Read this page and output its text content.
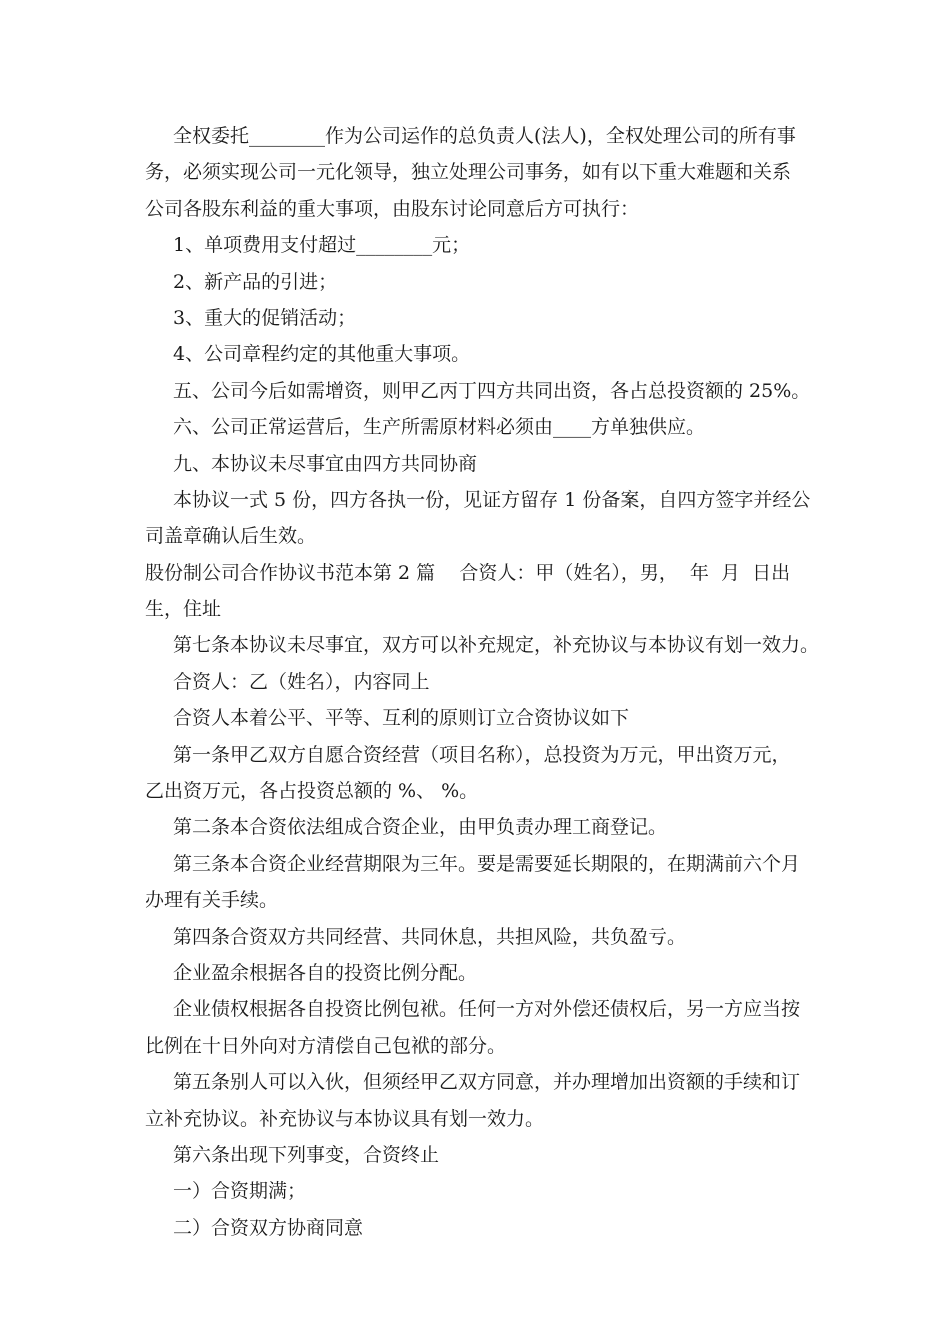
全权委托________作为公司运作的总负责人(法人)，全权处理公司的所有事
务，必须实现公司一元化领导，独立处理公司事务，如有以下重大难题和关系
公司各股东利益的重大事项，由股东讨论同意后方可执行：
1、单项费用支付超过________元；
2、新产品的引进；
3、重大的促销活动；
4、公司章程约定的其他重大事项。
五、公司今后如需增资，则甲乙丙丁四方共同出资，各占总投资额的 25%。
六、公司正常运营后，生产所需原材料必须由____方单独供应。
九、本协议未尽事宜由四方共同协商
本协议一式 5 份，四方各执一份，见证方留存 1 份备案，自四方签字并经公
司盖章确认后生效。
股份制公司合作协议书范本第 2 篇    合资人：甲（姓名），男，  年  月  日出
生，住址
第七条本协议未尽事宜，双方可以补充规定，补充协议与本协议有划一效力。
合资人：乙（姓名），内容同上
合资人本着公平、平等、互利的原则订立合资协议如下
第一条甲乙双方自愿合资经营（项目名称），总投资为万元，甲出资万元，
乙出资万元，各占投资总额的 %、 %。
第二条本合资依法组成合资企业，由甲负责办理工商登记。
第三条本合资企业经营期限为三年。要是需要延长期限的，在期满前六个月
办理有关手续。
第四条合资双方共同经营、共同休息，共担风险，共负盈亏。
企业盈余根据各自的投资比例分配。
企业债权根据各自投资比例包袱。任何一方对外偿还债权后，另一方应当按
比例在十日外向对方清偿自己包袱的部分。
第五条别人可以入伙，但须经甲乙双方同意，并办理增加出资额的手续和订
立补充协议。补充协议与本协议具有划一效力。
第六条出现下列事变，合资终止
一）合资期满；
二）合资双方协商同意
